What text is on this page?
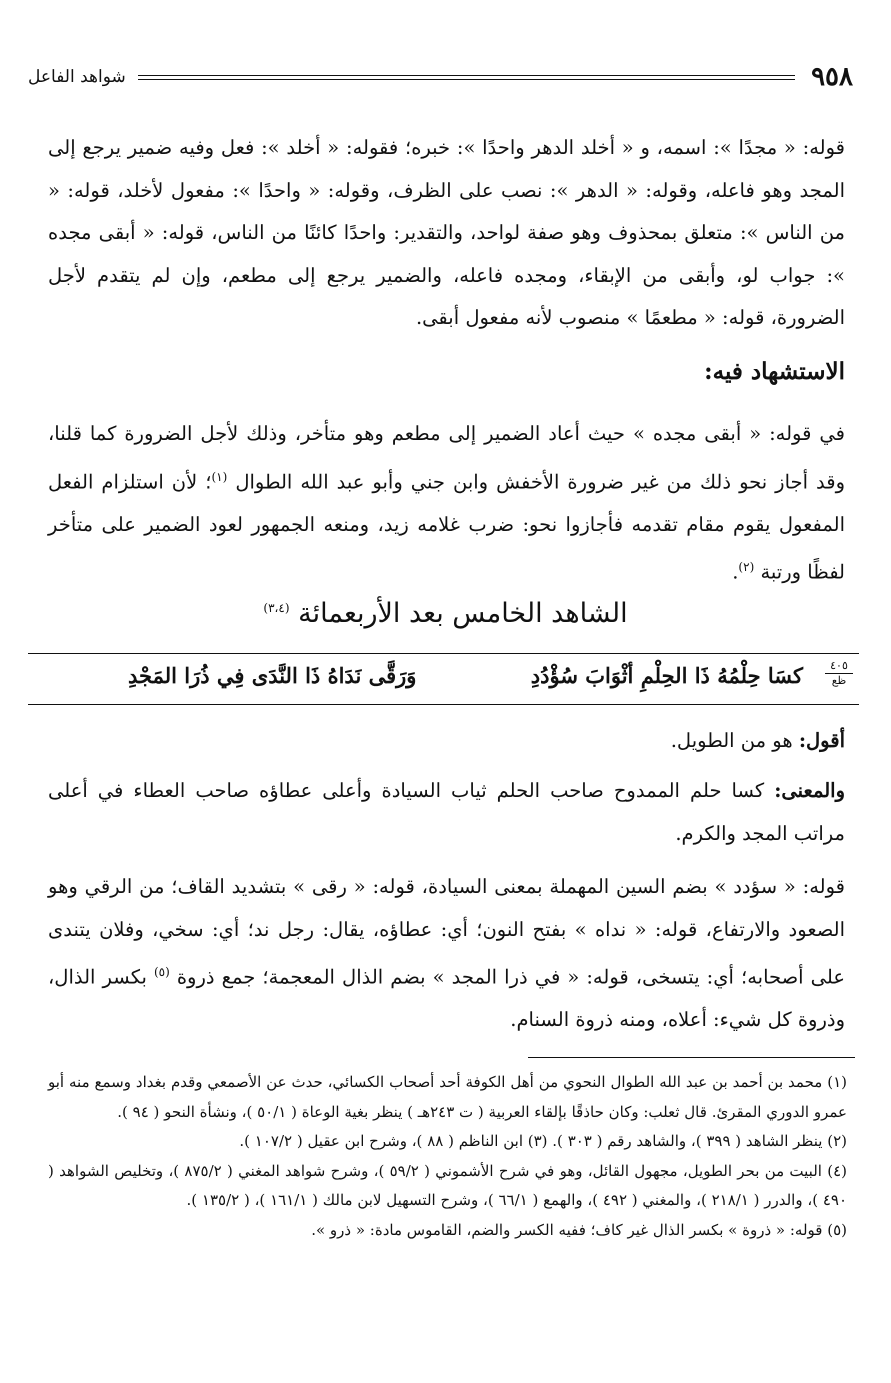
٩٥٨
شواهد الفاعل
قوله: « مجدًا »: اسمه، و « أخلد الدهر واحدًا »: خبره؛ فقوله: « أخلد »: فعل وفيه ضمير يرجع إلى المجد وهو فاعله، وقوله: « الدهر »: نصب على الظرف، وقوله: « واحدًا »: مفعول لأخلد، قوله: « من الناس »: متعلق بمحذوف وهو صفة لواحد، والتقدير: واحدًا كائنًا من الناس، قوله: « أبقى مجده »: جواب لو، وأبقى من الإبقاء، ومجده فاعله، والضمير يرجع إلى مطعم، وإن لم يتقدم لأجل الضرورة، قوله: « مطعمًا » منصوب لأنه مفعول أبقى.
الاستشهاد فيه:
في قوله: « أبقى مجده » حيث أعاد الضمير إلى مطعم وهو متأخر، وذلك لأجل الضرورة كما قلنا، وقد أجاز نحو ذلك من غير ضرورة الأخفش وابن جني وأبو عبد الله الطوال $^{(١)}$؛ لأن استلزام الفعل المفعول يقوم مقام تقدمه فأجازوا نحو: ضرب غلامه زيد، ومنعه الجمهور لعود الضمير على متأخر لفظًا ورتبة $^{(٢)}$.
الشاهد الخامس بعد الأربعمائة $^{(٣،٤)}$
٤٠٥
ظع
كسَا حِلْمُهُ ذَا الحِلْمِ أثْوَابَ سُؤْدُدِ
وَرَقَّى نَدَاهُ ذَا النَّدَى فِي ذُرَا المَجْدِ
أقول: هو من الطويل.
والمعنى: كسا حلم الممدوح صاحب الحلم ثياب السيادة وأعلى عطاؤه صاحب العطاء في أعلى مراتب المجد والكرم.
قوله: « سؤدد » بضم السين المهملة بمعنى السيادة، قوله: « رقى » بتشديد القاف؛ من الرقي وهو الصعود والارتفاع، قوله: « نداه » بفتح النون؛ أي: عطاؤه، يقال: رجل ند؛ أي: سخي، وفلان يتندى على أصحابه؛ أي: يتسخى، قوله: « في ذرا المجد » بضم الذال المعجمة؛ جمع ذروة $^{(٥)}$ بكسر الذال، وذروة كل شيء: أعلاه، ومنه ذروة السنام.

(١) محمد بن أحمد بن عبد الله الطوال النحوي من أهل الكوفة أحد أصحاب الكسائي، حدث عن الأصمعي وقدم بغداد وسمع منه أبو عمرو الدوري المقرئ. قال ثعلب: وكان حاذقًا بإلقاء العربية ( ت ٢٤٣هـ ) ينظر بغية الوعاة ( ٥٠/١ )، ونشأة النحو ( ٩٤ ).

(٢) ينظر الشاهد ( ٣٩٩ )، والشاهد رقم ( ٣٠٣ ). (٣) ابن الناظم ( ٨٨ )، وشرح ابن عقيل ( ١٠٧/٢ ).

(٤) البيت من بحر الطويل، مجهول القائل، وهو في شرح الأشموني ( ٥٩/٢ )، وشرح شواهد المغني ( ٨٧٥/٢ )، وتخليص الشواهد ( ٤٩٠ )، والدرر ( ٢١٨/١ )، والمغني ( ٤٩٢ )، والهمع ( ٦٦/١ )، وشرح التسهيل لابن مالك ( ١٦١/١ )، ( ١٣٥/٢ ).

(٥) قوله: « ذروة » بكسر الذال غير كاف؛ ففيه الكسر والضم، القاموس مادة: « ذرو ».
